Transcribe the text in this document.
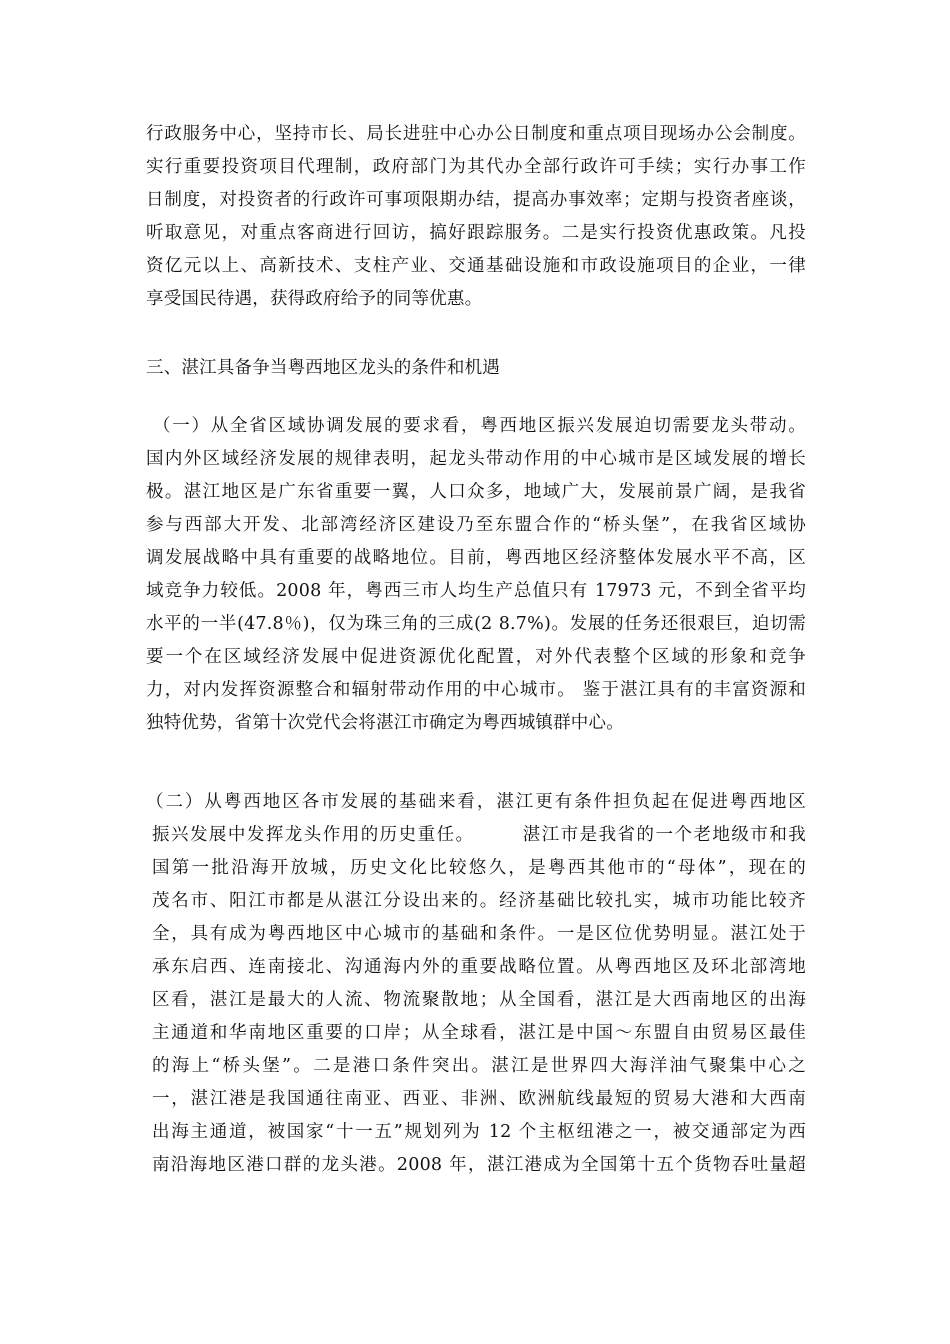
行政服务中心，坚持市长、局长进驻中心办公日制度和重点项目现场办公会制度。
实行重要投资项目代理制，政府部门为其代办全部行政许可手续；实行办事工作
日制度，对投资者的行政许可事项限期办结，提高办事效率；定期与投资者座谈，
听取意见，对重点客商进行回访，搞好跟踪服务。二是实行投资优惠政策。凡投
资亿元以上、高新技术、支柱产业、交通基础设施和市政设施项目的企业，一律
享受国民待遇，获得政府给予的同等优惠。
三、湛江具备争当粤西地区龙头的条件和机遇
（一）从全省区域协调发展的要求看，粤西地区振兴发展迫切需要龙头带动。
国内外区域经济发展的规律表明，起龙头带动作用的中心城市是区域发展的增长
极。湛江地区是广东省重要一翼，人口众多，地域广大，发展前景广阔，是我省
参与西部大开发、北部湾经济区建设乃至东盟合作的“桥头堡”，在我省区域协
调发展战略中具有重要的战略地位。目前，粤西地区经济整体发展水平不高，区
域竞争力较低。2008 年，粤西三市人均生产总值只有 17973 元，不到全省平均
水平的一半(47.8％)，仅为珠三角的三成(2 8.7%)。发展的任务还很艰巨，迫切需
要一个在区域经济发展中促进资源优化配置，对外代表整个区域的形象和竞争
力，对内发挥资源整合和辐射带动作用的中心城市。 鉴于湛江具有的丰富资源和
独特优势，省第十次党代会将湛江市确定为粤西城镇群中心。
（二）从粤西地区各市发展的基础来看，湛江更有条件担负起在促进粤西地区
振兴发展中发挥龙头作用的历史重任。　　　湛江市是我省的一个老地级市和我
国第一批沿海开放城，历史文化比较悠久，是粤西其他市的“母体”，现在的
茂名市、阳江市都是从湛江分设出来的。经济基础比较扎实，城市功能比较齐
全，具有成为粤西地区中心城市的基础和条件。一是区位优势明显。湛江处于
承东启西、连南接北、沟通海内外的重要战略位置。从粤西地区及环北部湾地
区看，湛江是最大的人流、物流聚散地；从全国看，湛江是大西南地区的出海
主通道和华南地区重要的口岸；从全球看，湛江是中国～东盟自由贸易区最佳
的海上“桥头堡”。二是港口条件突出。湛江是世界四大海洋油气聚集中心之
一，湛江港是我国通往南亚、西亚、非洲、欧洲航线最短的贸易大港和大西南
出海主通道，被国家“十一五”规划列为 12 个主枢纽港之一，被交通部定为西
南沿海地区港口群的龙头港。2008 年，湛江港成为全国第十五个货物吞吐量超
